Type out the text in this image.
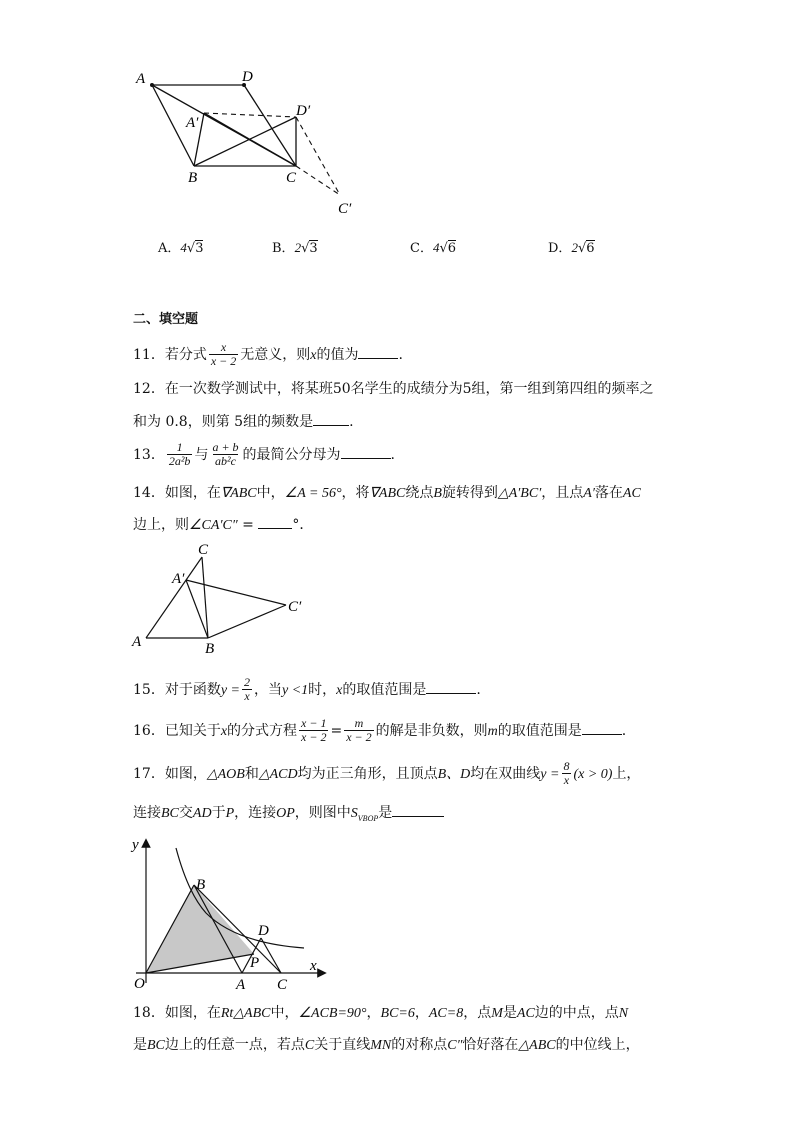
A	D
D′
A′
B	C
C′
A．4√3	B．2√3	C．4√6	D．2√6
二、填空题
11．若分式 $\frac{x}{x - 2}$ 无意义，则x的值为	.
12．在一次数学测试中，将某班50名学生的成绩分为5组，第一组到第四组的频率之
和为 0.8，则第 5组的频数是	.
13． $\frac{1}{\text{2a²b}}$ 与 $\frac{a + b}{\text{ab²c}}$ 的最简公分母为	.
14．如图，在∇ABC中，∠A = 56°，将∇ABC绕点B旋转得到△A′BC′，且点A′落在AC
边上，则∠CA′C″ = °．
C
A′
C′
A	B
15．对于函数$y = \frac{2}{x}$ ，当y <1时，x的取值范围是	.
16．已知关于x的分式方程 $\frac{x - 1}{x - 2} = \frac{m}{x - 2}$ 的解是非负数，则m的取值范围是	.
17．如图，△AOB和△ACD均为正三角形，且顶点B、D均在双曲线$y = \frac{8}{x} (x > 0)$上，
连接BC交AD于P，连接OP，则图中$S_{VBOP}$是
y
x
O
B
D
P
A C
18．如图，在Rt△ABC中，∠ACB=90°，BC=6，AC=8，点M是AC边的中点，点N
是BC边上的任意一点，若点C关于直线MN的对称点C″恰好落在△ABC的中位线上，
